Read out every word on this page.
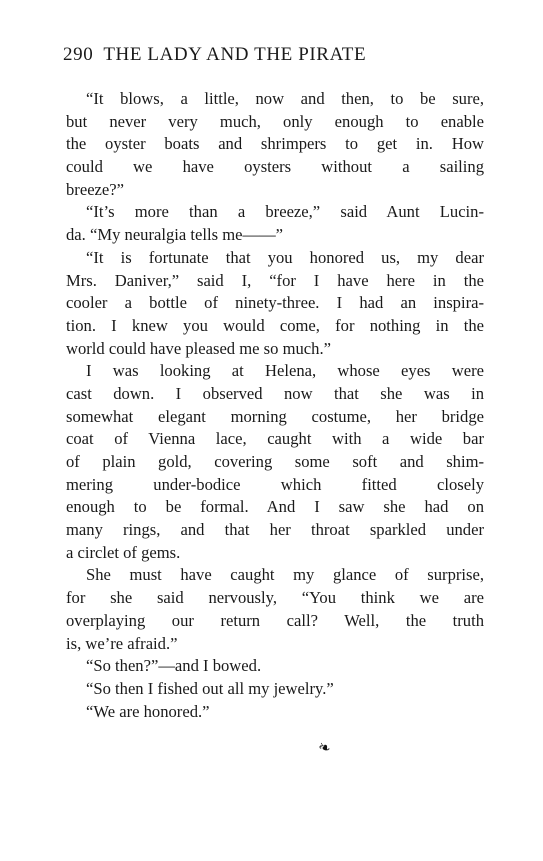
290 THE LADY AND THE PIRATE
“It blows, a little, now and then, to be sure,
but never very much, only enough to enable
the oyster boats and shrimpers to get in. How
could we have oysters without a sailing
breeze?”
“It’s more than a breeze,” said Aunt Lucin-
da. “My neuralgia tells me——”
“It is fortunate that you honored us, my dear
Mrs. Daniver,” said I, “for I have here in the
cooler a bottle of ninety-three. I had an inspira-
tion. I knew you would come, for nothing in the
world could have pleased me so much.”
I was looking at Helena, whose eyes were
cast down. I observed now that she was in
somewhat elegant morning costume, her bridge
coat of Vienna lace, caught with a wide bar
of plain gold, covering some soft and shim-
mering under-bodice which fitted closely
enough to be formal. And I saw she had on
many rings, and that her throat sparkled under
a circlet of gems.
She must have caught my glance of surprise,
for she said nervously, “You think we are
overplaying our return call? Well, the truth
is, we’re afraid.”
“So then?”—and I bowed.
“So then I fished out all my jewelry.”
“We are honored.”
❧
